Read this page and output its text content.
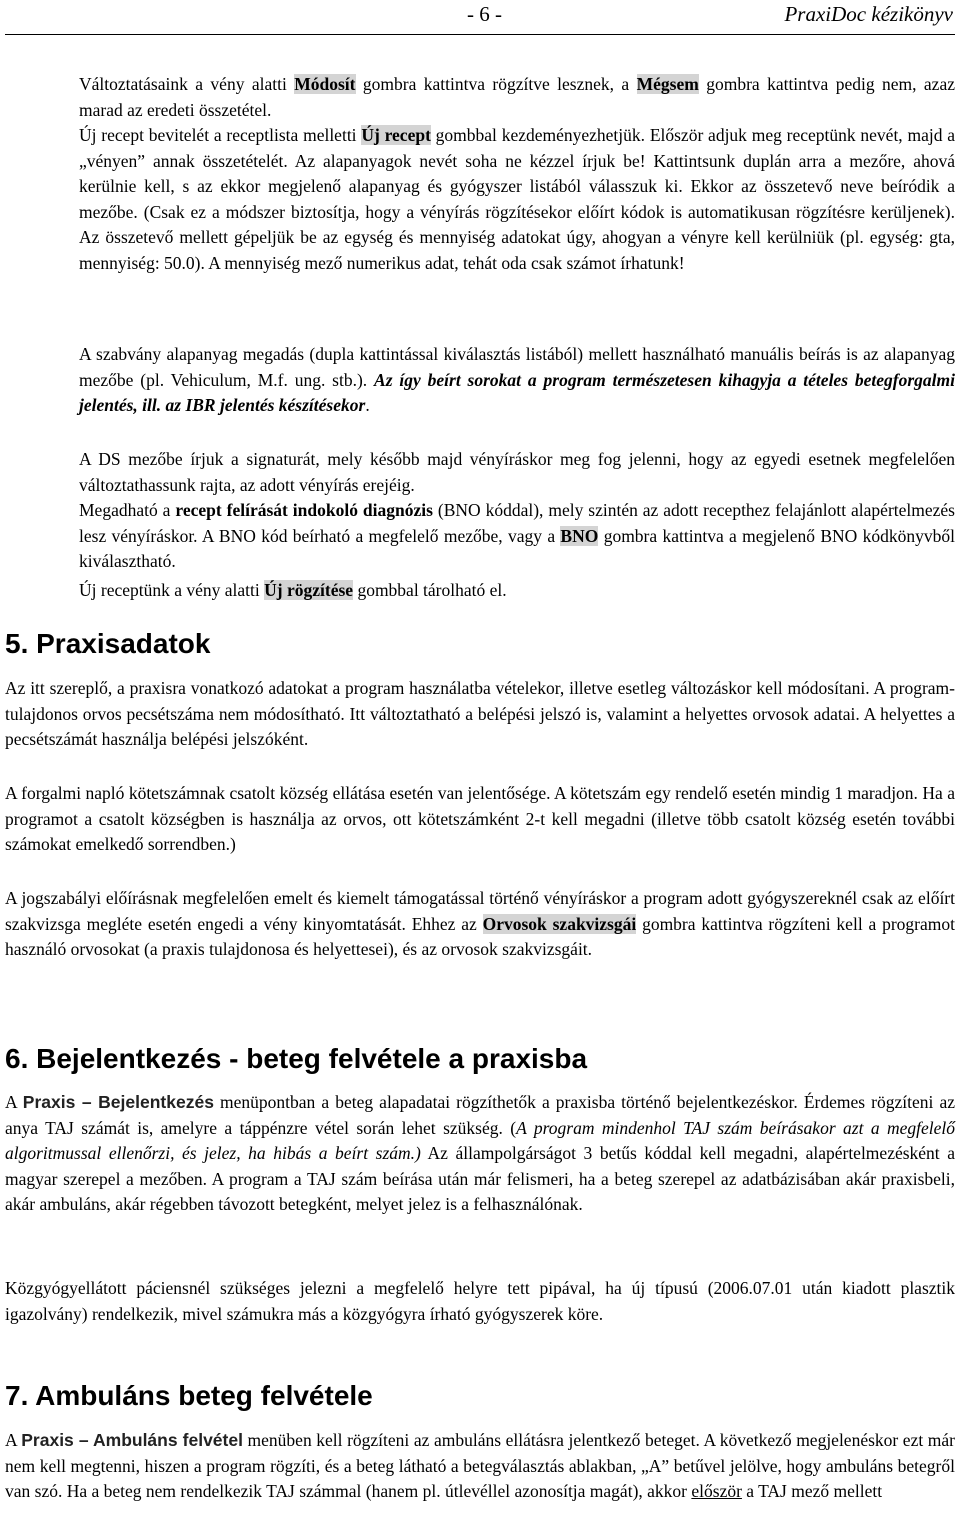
- 6 -	PraxiDoc kézikönyv

Változtatásaink a vény alatti Módosít gombra kattintva rögzítve lesznek, a Mégsem gombra kattintva pedig nem, azaz marad az eredeti összetétel.

Új recept bevitelét a receptlista melletti Új recept gombbal kezdeményezhetjük. Először adjuk meg receptünk nevét, majd a „vényen” annak összetételét. Az alapanyagok nevét soha ne kézzel írjuk be! Kattintsunk duplán arra a mezőre, ahová kerülnie kell, s az ekkor megjelenő alapanyag és gyógyszer listából válasszuk ki. Ekkor az összetevő neve beíródik a mezőbe. (Csak ez a módszer biztosítja, hogy a vényírás rögzítésekor előírt kódok is automatikusan rögzítésre kerüljenek). Az összetevő mellett gépeljük be az egység és mennyiség adatokat úgy, ahogyan a vényre kell kerülniük (pl. egység: gta, mennyiség: 50.0). A mennyiség mező numerikus adat, tehát oda csak számot írhatunk!

A szabvány alapanyag megadás (dupla kattintással kiválasztás listából) mellett használható manuális beírás is az alapanyag mezőbe (pl. Vehiculum, M.f. ung. stb.). Az így beírt sorokat a program természetesen kihagyja a tételes betegforgalmi jelentés, ill. az IBR jelentés készítésekor.

A DS mezőbe írjuk a signaturát, mely később majd vényíráskor meg fog jelenni, hogy az egyedi esetnek megfelelően változtathassunk rajta, az adott vényírás erejéig.

Megadható a recept felírását indokoló diagnózis (BNO kóddal), mely szintén az adott recepthez felajánlott alapértelmezés lesz vényíráskor. A BNO kód beírható a megfelelő mezőbe, vagy a BNO gombra kattintva a megjelenő BNO kódkönyvből kiválasztható.

Új receptünk a vény alatti Új rögzítése gombbal tárolható el.

5. Praxisadatok

Az itt szereplő, a praxisra vonatkozó adatokat a program használatba vételekor, illetve esetleg változáskor kell módosítani. A program-tulajdonos orvos pecsétszáma nem módosítható. Itt változtatható a belépési jelszó is, valamint a helyettes orvosok adatai. A helyettes a pecsétszámát használja belépési jelszóként.

A forgalmi napló kötetszámnak csatolt község ellátása esetén van jelentősége. A kötetszám egy rendelő esetén mindig 1 maradjon. Ha a programot a csatolt községben is használja az orvos, ott kötetszámként 2-t kell megadni (illetve több csatolt község esetén további számokat emelkedő sorrendben.)

A jogszabályi előírásnak megfelelően emelt és kiemelt támogatással történő vényíráskor a program adott gyógyszereknél csak az előírt szakvizsga megléte esetén engedi a vény kinyomtatását. Ehhez az Orvosok szakvizsgái gombra kattintva rögzíteni kell a programot használó orvosokat (a praxis tulajdonosa és helyettesei), és az orvosok szakvizsgáit.

6. Bejelentkezés - beteg felvétele a praxisba

A Praxis – Bejelentkezés menüpontban a beteg alapadatai rögzíthetők a praxisba történő bejelentkezéskor. Érdemes rögzíteni az anya TAJ számát is, amelyre a táppénzre vétel során lehet szükség. (A program mindenhol TAJ szám beírásakor azt a megfelelő algoritmussal ellenőrzi, és jelez, ha hibás a beírt szám.) Az állampolgárságot 3 betűs kóddal kell megadni, alapértelmezésként a magyar szerepel a mezőben. A program a TAJ szám beírása után már felismeri, ha a beteg szerepel az adatbázisában akár praxisbeli, akár ambuláns, akár régebben távozott betegként, melyet jelez is a felhasználónak.

Közgyógyellátott páciensnél szükséges jelezni a megfelelő helyre tett pipával, ha új típusú (2006.07.01 után kiadott plasztik igazolvány) rendelkezik, mivel számukra más a közgyógyra írható gyógyszerek köre.

7. Ambuláns beteg felvétele

A Praxis – Ambuláns felvétel menüben kell rögzíteni az ambuláns ellátásra jelentkező beteget. A következő megjelenéskor ezt már nem kell megtenni, hiszen a program rögzíti, és a beteg látható a betegválasztás ablakban, „A” betűvel jelölve, hogy ambuláns betegről van szó. Ha a beteg nem rendelkezik TAJ számmal (hanem pl. útlevéllel azonosítja magát), akkor először a TAJ mező mellett
